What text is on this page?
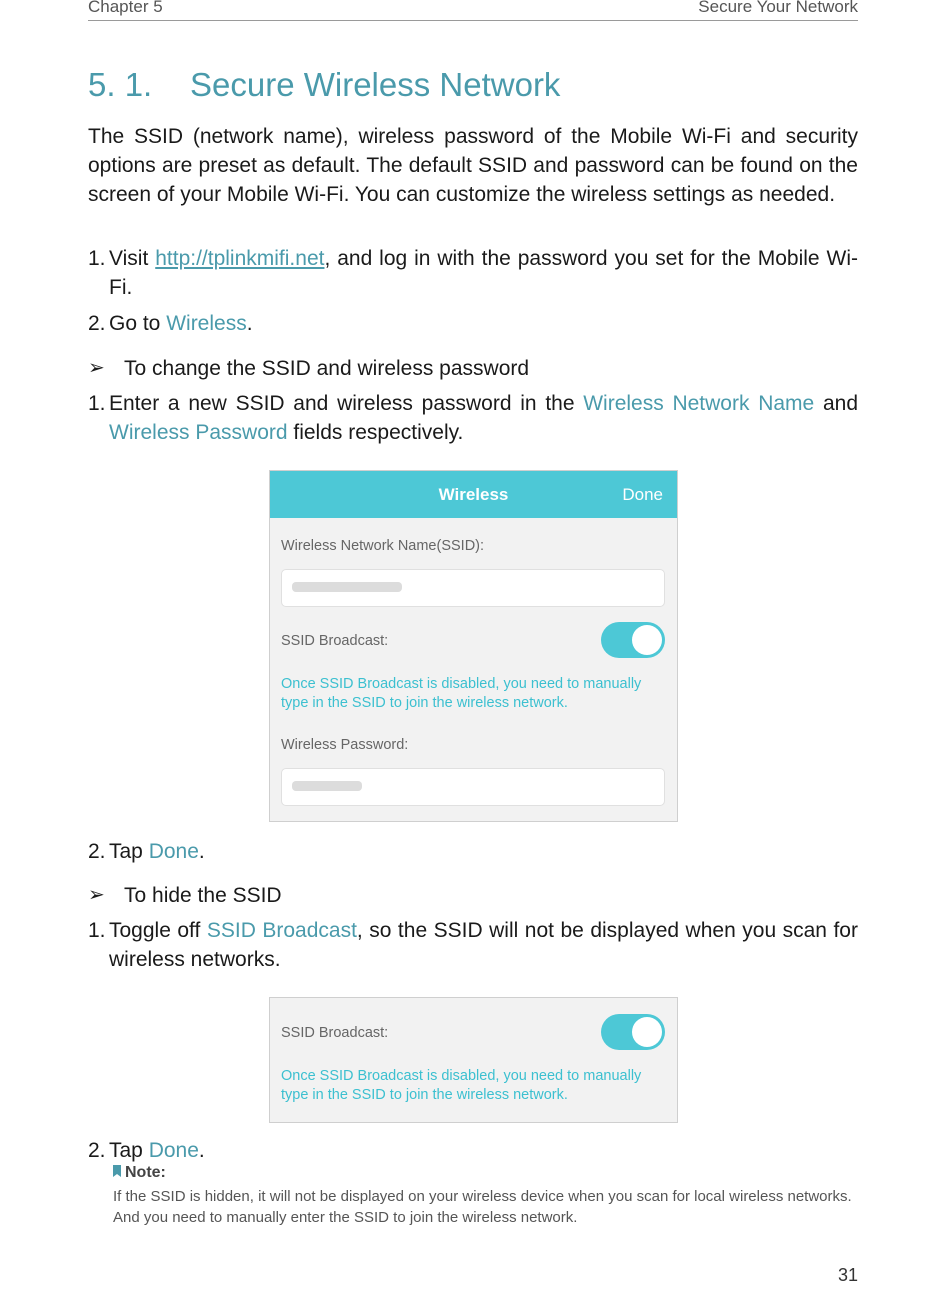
Chapter 5	Secure Your Network
5. 1. Secure Wireless Network
The SSID (network name), wireless password of the Mobile Wi-Fi and security options are preset as default. The default SSID and password can be found on the screen of your Mobile Wi-Fi. You can customize the wireless settings as needed.
1. Visit http://tplinkmifi.net, and log in with the password you set for the Mobile Wi-Fi.
2. Go to Wireless.
➢ To change the SSID and wireless password
1. Enter a new SSID and wireless password in the Wireless Network Name and Wireless Password fields respectively.
Wireless	Done
Wireless Network Name(SSID):
SSID Broadcast:
Once SSID Broadcast is disabled, you need to manually type in the SSID to join the wireless network.
Wireless Password:
2. Tap Done.
➢ To hide the SSID
1. Toggle off SSID Broadcast, so the SSID will not be displayed when you scan for wireless networks.
SSID Broadcast:
Once SSID Broadcast is disabled, you need to manually type in the SSID to join the wireless network.
2. Tap Done.
Note:
If the SSID is hidden, it will not be displayed on your wireless device when you scan for local wireless networks. And you need to manually enter the SSID to join the wireless network.
31
